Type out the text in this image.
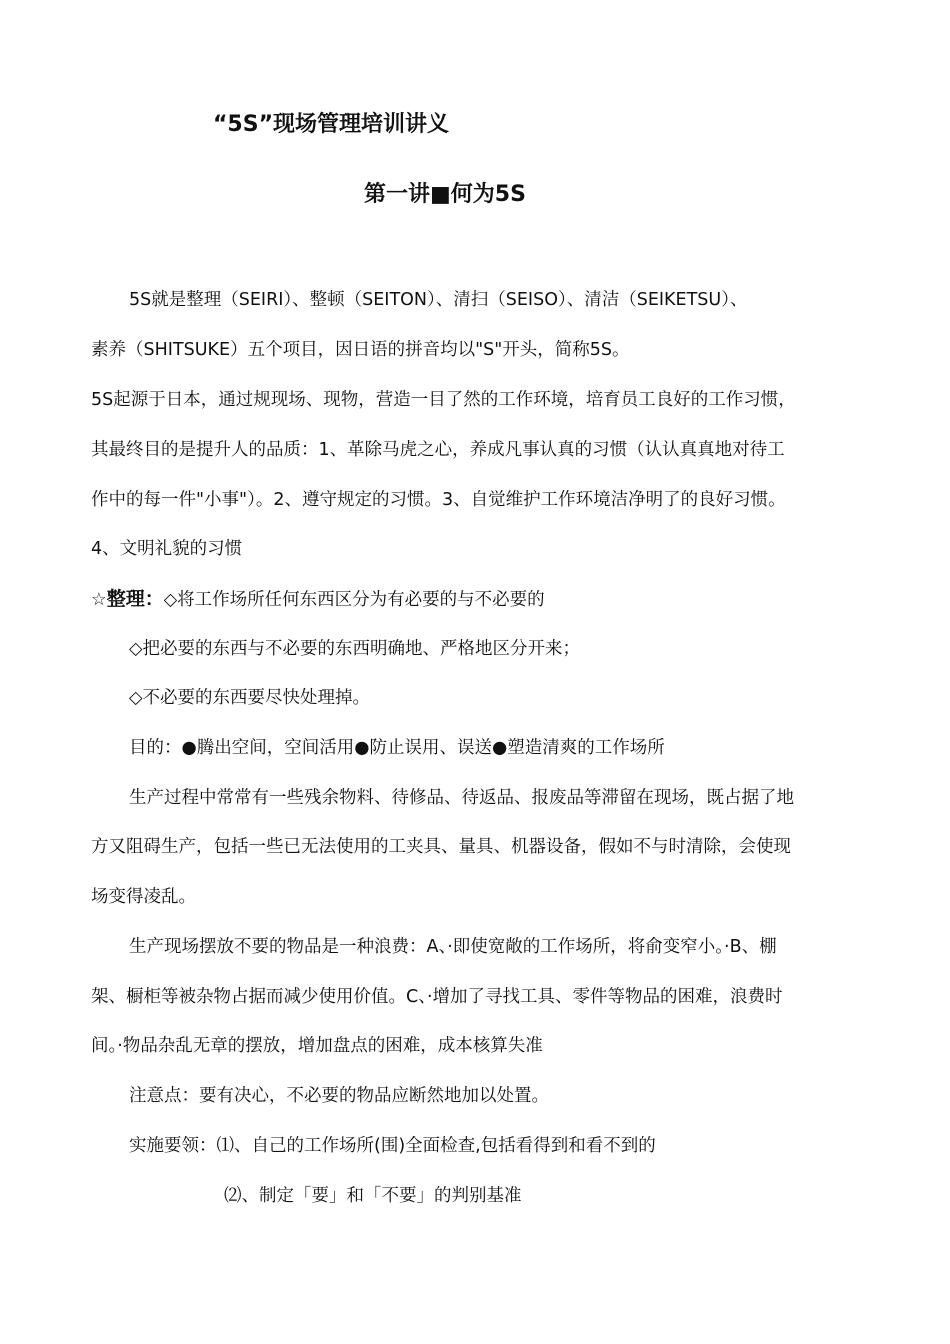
“5S”现场管理培训讲义
第一讲■何为5S
5S就是整理（SEIRI）、整顿（SEITON）、清扫（SEISO）、清洁（SEIKETSU）、
素养（SHITSUKE）五个项目，因日语的拼音均以"S"开头，简称5S。
5S起源于日本，通过规现场、现物，营造一目了然的工作环境，培育员工良好的工作习惯，
其最终目的是提升人的品质：1、革除马虎之心，养成凡事认真的习惯（认认真真地对待工
作中的每一件"小事"）。2、遵守规定的习惯。3、自觉维护工作环境洁净明了的良好习惯。
4、文明礼貌的习惯
☆整理：◇将工作场所任何东西区分为有必要的与不必要的
◇把必要的东西与不必要的东西明确地、严格地区分开来；
◇不必要的东西要尽快处理掉。
目的：●腾出空间，空间活用●防止误用、误送●塑造清爽的工作场所
生产过程中常常有一些残余物料、待修品、待返品、报废品等滞留在现场，既占据了地
方又阻碍生产，包括一些已无法使用的工夹具、量具、机器设备，假如不与时清除，会使现
场变得凌乱。
生产现场摆放不要的物品是一种浪费：A、·即使宽敞的工作场所，将俞变窄小。·B、棚
架、橱柜等被杂物占据而减少使用价值。C、·增加了寻找工具、零件等物品的困难，浪费时
间。·物品杂乱无章的摆放，增加盘点的困难，成本核算失准
注意点：要有决心，不必要的物品应断然地加以处置。
实施要领：⑴、自己的工作场所(围)全面检查,包括看得到和看不到的
⑵、制定「要」和「不要」的判别基准
